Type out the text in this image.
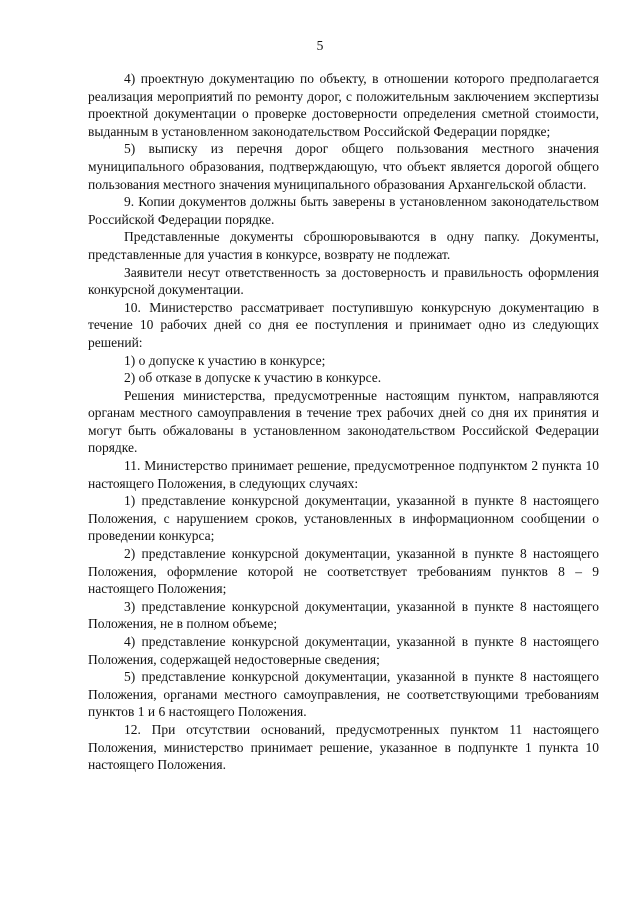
5

4) проектную документацию по объекту, в отношении которого предполагается реализация мероприятий по ремонту дорог, с положительным заключением экспертизы проектной документации о проверке достоверности определения сметной стоимости, выданным в установленном законодательством Российской Федерации порядке;

5) выписку из перечня дорог общего пользования местного значения муниципального образования, подтверждающую, что объект является дорогой общего пользования местного значения муниципального образования Архангельской области.

9. Копии документов должны быть заверены в установленном законодательством Российской Федерации порядке.

Представленные документы сброшюровываются в одну папку. Документы, представленные для участия в конкурсе, возврату не подлежат.

Заявители несут ответственность за достоверность и правильность оформления конкурсной документации.

10. Министерство рассматривает поступившую конкурсную документацию в течение 10 рабочих дней со дня ее поступления и принимает одно из следующих решений:

1) о допуске к участию в конкурсе;

2) об отказе в допуске к участию в конкурсе.

Решения министерства, предусмотренные настоящим пунктом, направляются органам местного самоуправления в течение трех рабочих дней со дня их принятия и могут быть обжалованы в установленном законодательством Российской Федерации порядке.

11. Министерство принимает решение, предусмотренное подпунктом 2 пункта 10 настоящего Положения, в следующих случаях:

1) представление конкурсной документации, указанной в пункте 8 настоящего Положения, с нарушением сроков, установленных в информационном сообщении о проведении конкурса;

2) представление конкурсной документации, указанной в пункте 8 настоящего Положения, оформление которой не соответствует требованиям пунктов 8 – 9 настоящего Положения;

3) представление конкурсной документации, указанной в пункте 8 настоящего Положения, не в полном объеме;

4) представление конкурсной документации, указанной в пункте 8 настоящего Положения, содержащей недостоверные сведения;

5) представление конкурсной документации, указанной в пункте 8 настоящего Положения, органами местного самоуправления, не соответствующими требованиям пунктов 1 и 6 настоящего Положения.

12. При отсутствии оснований, предусмотренных пунктом 11 настоящего Положения, министерство принимает решение, указанное в подпункте 1 пункта 10 настоящего Положения.
